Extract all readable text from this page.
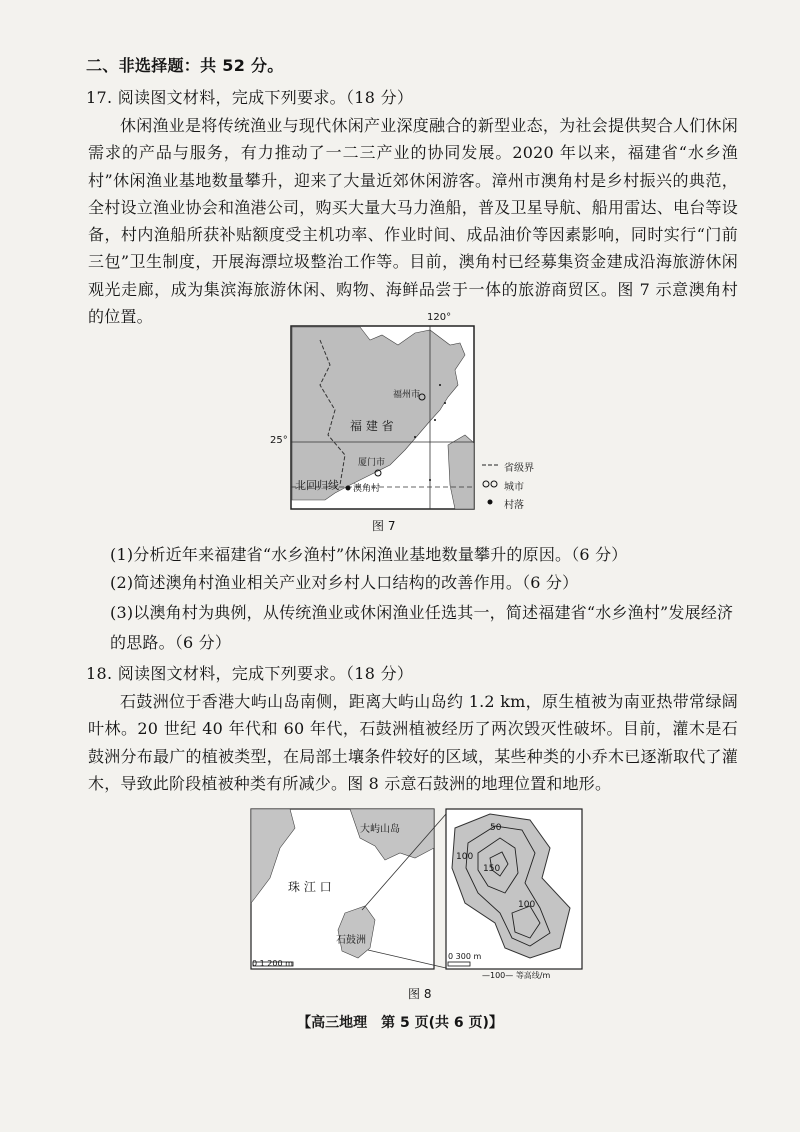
二、非选择题：共 52 分。
17. 阅读图文材料，完成下列要求。（18 分）
休闲渔业是将传统渔业与现代休闲产业深度融合的新型业态，为社会提供契合人们休闲需求的产品与服务，有力推动了一二三产业的协同发展。2020 年以来，福建省“水乡渔村”休闲渔业基地数量攀升，迎来了大量近郊休闲游客。漳州市澳角村是乡村振兴的典范，全村设立渔业协会和渔港公司，购买大量大马力渔船，普及卫星导航、船用雷达、电台等设备，村内渔船所获补贴额度受主机功率、作业时间、成品油价等因素影响，同时实行“门前三包”卫生制度，开展海漂垃圾整治工作等。目前，澳角村已经募集资金建成沿海旅游休闲观光走廊，成为集滨海旅游休闲、购物、海鲜品尝于一体的旅游商贸区。图 7 示意澳角村的位置。	120°
25°
福州市
福 建 省
厦门市
北回归线 澳角村
省级界
城市
村落
图 7
(1)分析近年来福建省“水乡渔村”休闲渔业基地数量攀升的原因。（6 分）
(2)简述澳角村渔业相关产业对乡村人口结构的改善作用。（6 分）
(3)以澳角村为典例，从传统渔业或休闲渔业任选其一，简述福建省“水乡渔村”发展经济的思路。（6 分）
18. 阅读图文材料，完成下列要求。（18 分）
石鼓洲位于香港大屿山岛南侧，距离大屿山岛约 1.2 km，原生植被为南亚热带常绿阔叶林。20 世纪 40 年代和 60 年代，石鼓洲植被经历了两次毁灭性破坏。目前，灌木是石鼓洲分布最广的植被类型，在局部土壤条件较好的区域，某些种类的小乔木已逐渐取代了灌木，导致此阶段植被种类有所减少。图 8 示意石鼓洲的地理位置和地形。
大屿山岛
珠 江 口
石鼓洲
0 1 200 m
0 300 m
50
100
150
100
—100— 等高线/m
图 8
【高三地理　第 5 页(共 6 页)】
